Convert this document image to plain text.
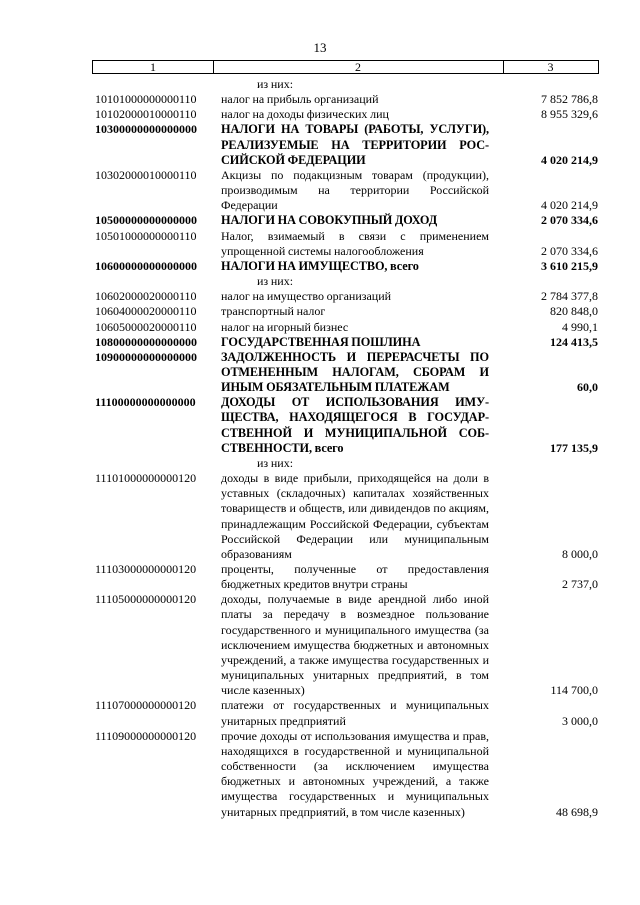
13
1	2	3
из них:
10101000000000110	налог на прибыль организаций	7 852 786,8
10102000010000110	налог на доходы физических лиц	8 955 329,6
10300000000000000	НАЛОГИ НА ТОВАРЫ (РАБОТЫ, УСЛУГИ), РЕАЛИЗУЕМЫЕ НА ТЕРРИТОРИИ РОС-СИЙСКОЙ ФЕДЕРАЦИИ	4 020 214,9
10302000010000110	Акцизы по подакцизным товарам (продукции), производимым на территории Российской Федерации	4 020 214,9
10500000000000000	НАЛОГИ НА СОВОКУПНЫЙ ДОХОД	2 070 334,6
10501000000000110	Налог, взимаемый в связи с применением упрощенной системы налогообложения	2 070 334,6
10600000000000000	НАЛОГИ НА ИМУЩЕСТВО, всего	3 610 215,9
из них:
10602000020000110	налог на имущество организаций	2 784 377,8
10604000020000110	транспортный налог	820 848,0
10605000020000110	налог на игорный бизнес	4 990,1
10800000000000000	ГОСУДАРСТВЕННАЯ ПОШЛИНА	124 413,5
10900000000000000	ЗАДОЛЖЕННОСТЬ И ПЕРЕРАСЧЕТЫ ПО ОТМЕНЕННЫМ НАЛОГАМ, СБОРАМ И ИНЫМ ОБЯЗАТЕЛЬНЫМ ПЛАТЕЖАМ	60,0
11100000000000000	ДОХОДЫ ОТ ИСПОЛЬЗОВАНИЯ ИМУ-ЩЕСТВА, НАХОДЯЩЕГОСЯ В ГОСУДАР-СТВЕННОЙ И МУНИЦИПАЛЬНОЙ СОБ-СТВЕННОСТИ, всего	177 135,9
из них:
11101000000000120	доходы в виде прибыли, приходящейся на доли в уставных (складочных) капиталах хозяйственных товариществ и обществ, или дивидендов по акциям, принадлежащим Российской Федерации, субъектам Российской Федерации или муниципальным образованиям	8 000,0
11103000000000120	проценты, полученные от предоставления бюджетных кредитов внутри страны	2 737,0
11105000000000120	доходы, получаемые в виде арендной либо иной платы за передачу в возмездное пользование государственного и муниципального имущества (за исключением имущества бюджетных и автономных учреждений, а также имущества государственных и муниципальных унитарных предприятий, в том числе казенных)	114 700,0
11107000000000120	платежи от государственных и муниципальных унитарных предприятий	3 000,0
11109000000000120	прочие доходы от использования имущества и прав, находящихся в государственной и муниципальной собственности (за исключением имущества бюджетных и автономных учреждений, а также имущества государственных и муниципальных унитарных предприятий, в том числе казенных)	48 698,9
